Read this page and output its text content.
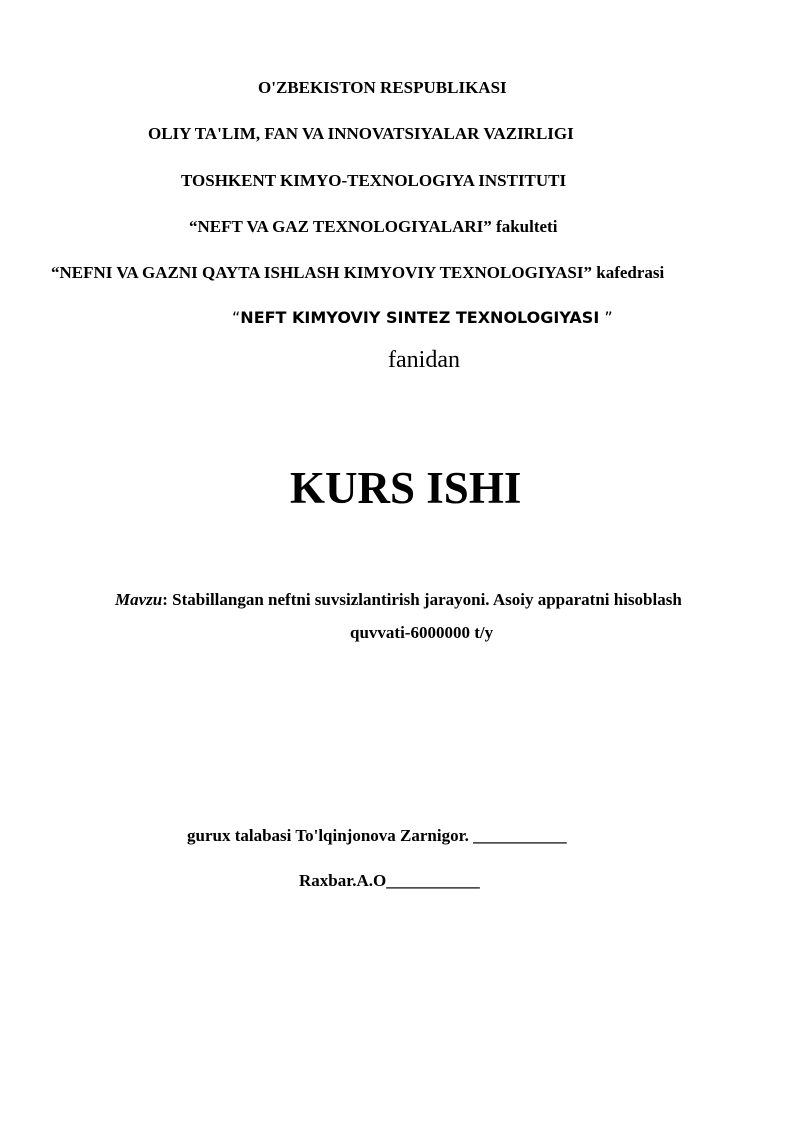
O'ZBEKISTON RESPUBLIKASI
OLIY TA'LIM, FAN VA INNOVATSIYALAR VAZIRLIGI
TOSHKENT KIMYO-TEXNOLOGIYA INSTITUTI
“NEFT VA GAZ TEXNOLOGIYALARI” fakulteti
“NEFNI VA GAZNI QAYTA ISHLASH KIMYOVIY TEXNOLOGIYASI” kafedrasi
“NEFT KIMYOVIY SINTEZ TEXNOLOGIYASI ”
fanidan
KURS ISHI
Mavzu: Stabillangan neftni suvsizlantirish jarayoni. Asoiy apparatni hisoblash
quvvati-6000000 t/y
gurux talabasi To'lqinjonova Zarnigor. ___________
Raxbar.A.O___________
